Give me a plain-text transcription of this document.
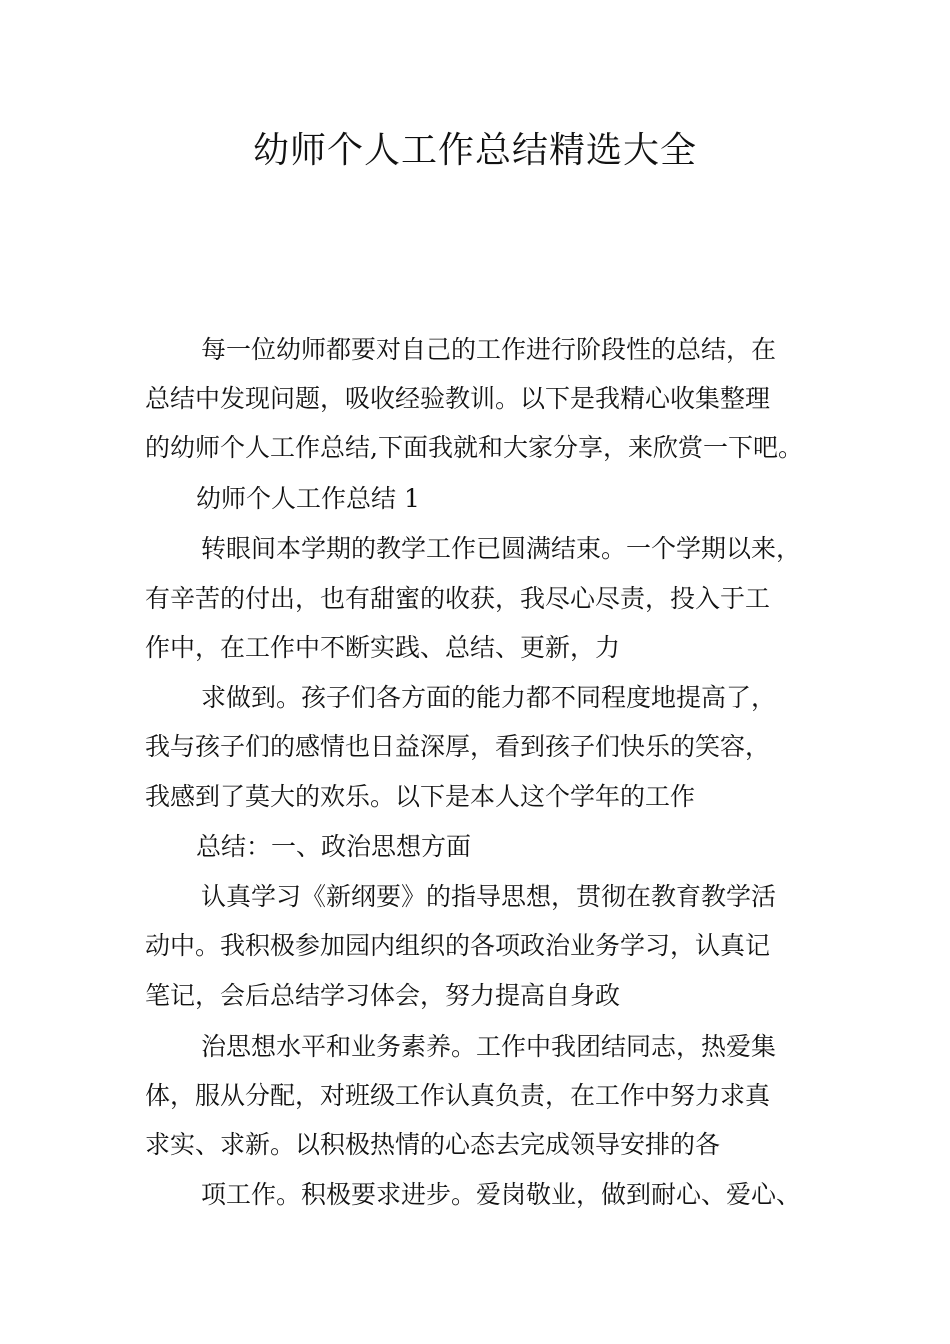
幼师个人工作总结精选大全
每一位幼师都要对自己的工作进行阶段性的总结，在
总结中发现问题，吸收经验教训。以下是我精心收集整理
的幼师个人工作总结,下面我就和大家分享，来欣赏一下吧。
幼师个人工作总结 1
转眼间本学期的教学工作已圆满结束。一个学期以来，
有辛苦的付出，也有甜蜜的收获，我尽心尽责，投入于工
作中，在工作中不断实践、总结、更新，力
求做到。孩子们各方面的能力都不同程度地提高了，
我与孩子们的感情也日益深厚，看到孩子们快乐的笑容，
我感到了莫大的欢乐。以下是本人这个学年的工作
总结：一、政治思想方面
认真学习《新纲要》的指导思想，贯彻在教育教学活
动中。我积极参加园内组织的各项政治业务学习，认真记
笔记，会后总结学习体会，努力提高自身政
治思想水平和业务素养。工作中我团结同志，热爱集
体，服从分配，对班级工作认真负责，在工作中努力求真
求实、求新。以积极热情的心态去完成领导安排的各
项工作。积极要求进步。爱岗敬业，做到耐心、爱心、
